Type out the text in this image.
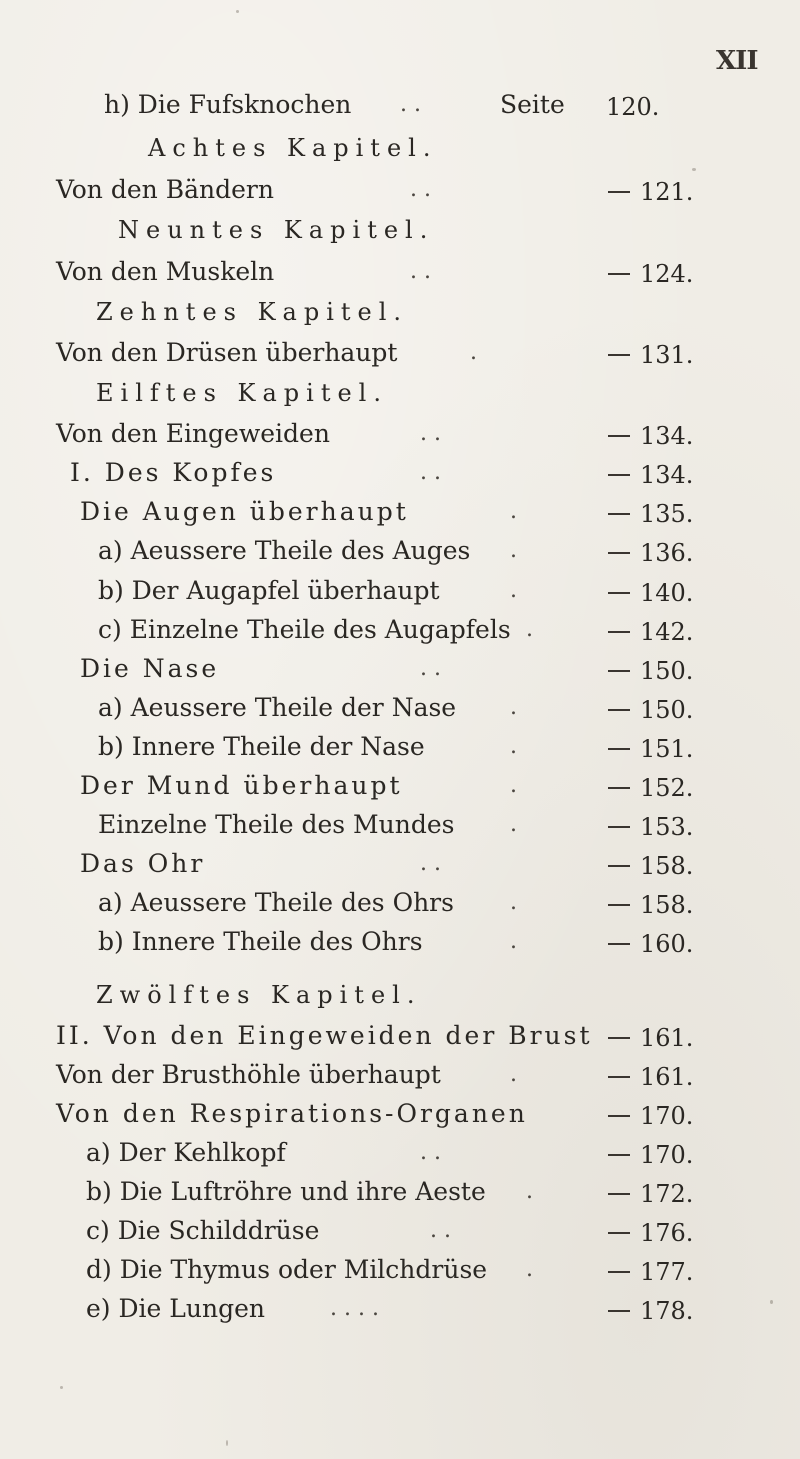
XII
h) Die Fufsknochen . .	Seite 120.
Achtes Kapitel.
Von den Bändern	. .	121.
Neuntes Kapitel.
Von den Muskeln	. .	124.
Zehntes Kapitel.
Von den Drüsen überhaupt	.	131.
Eilftes Kapitel.
Von den Eingeweiden	. .	134.
I. Des Kopfes	. .	134.
Die Augen überhaupt	.	135.
a) Aeussere Theile des Auges .	136.
b) Der Augapfel überhaupt	.	140.
c) Einzelne Theile des Augapfels .	142.
Die Nase	. .	150.
a) Aeussere Theile der Nase .	150.
b) Innere Theile der Nase	.	151.
Der Mund überhaupt	.	152.
Einzelne Theile des Mundes	.	153.
Das Ohr	. .	158.
a) Aeussere Theile des Ohrs	.	158.
b) Innere Theile des Ohrs	.	160.
Zwölftes Kapitel.
II. Von den Eingeweiden der Brust	161.
Von der Brusthöhle überhaupt	.	161.
Von den Respirations-Organen	170.
a) Der Kehlkopf	. .	170.
b) Die Luftröhre und ihre Aeste .	172.
c) Die Schilddrüse	. .	176.
d) Die Thymus oder Milchdrüse .	177.
e) Die Lungen	. . . .	178.
